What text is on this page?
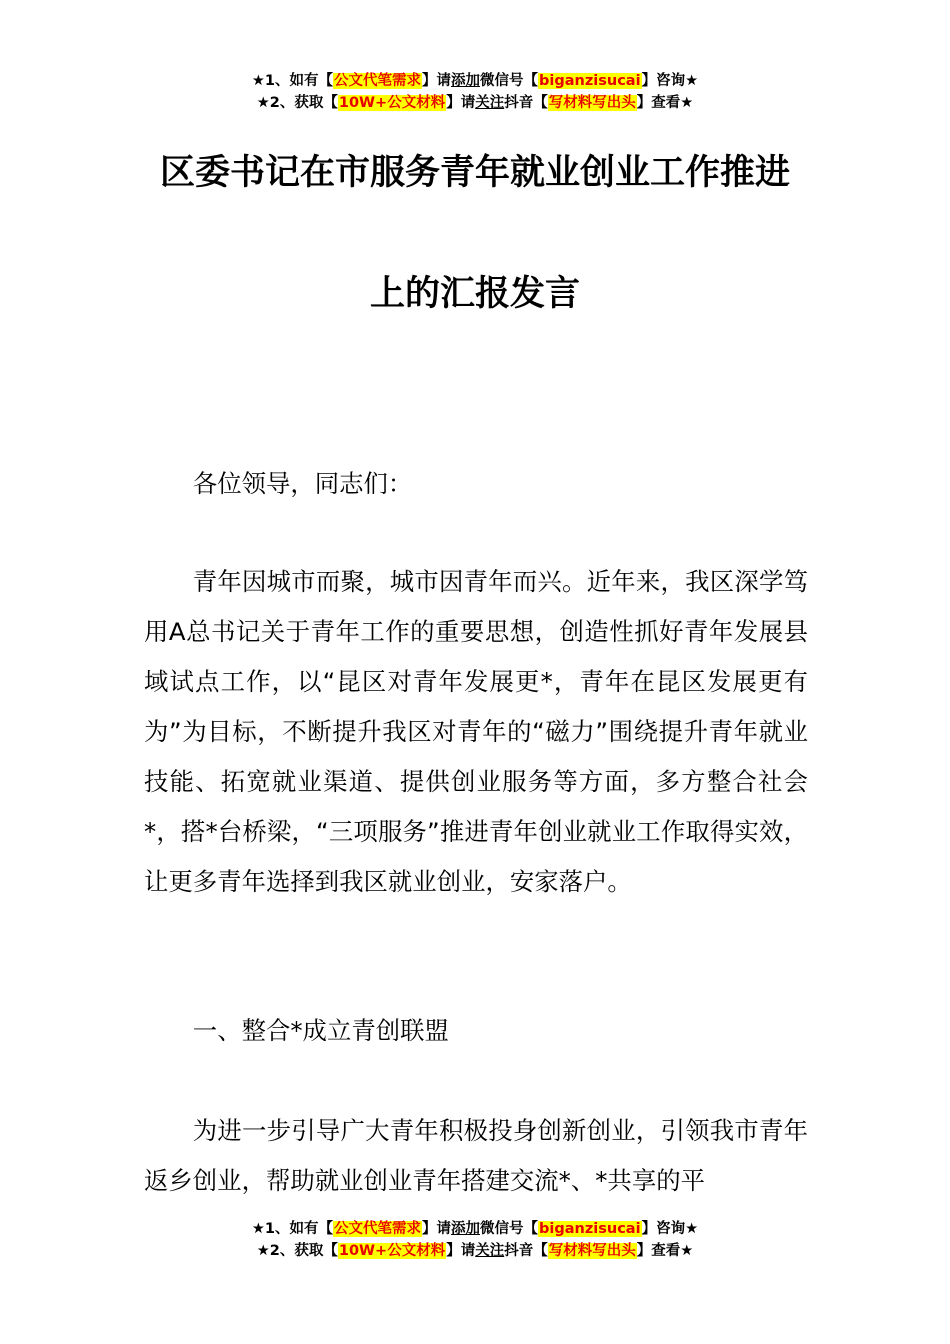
★1、如有【公文代笔需求】请添加微信号【biganzisucai】咨询★
★2、获取【10W+公文材料】请关注抖音【写材料写出头】查看★
区委书记在市服务青年就业创业工作推进
上的汇报发言

各位领导，同志们：

青年因城市而聚，城市因青年而兴。近年来，我区深学笃用A总书记关于青年工作的重要思想，创造性抓好青年发展县域试点工作，以“昆区对青年发展更*，青年在昆区发展更有为”为目标，不断提升我区对青年的“磁力”围绕提升青年就业技能、拓宽就业渠道、提供创业服务等方面，多方整合社会*，搭*台桥梁，“三项服务”推进青年创业就业工作取得实效，让更多青年选择到我区就业创业，安家落户。

一、整合*成立青创联盟

为进一步引导广大青年积极投身创新创业，引领我市青年返乡创业，帮助就业创业青年搭建交流*、*共享的平

★1、如有【公文代笔需求】请添加微信号【biganzisucai】咨询★
★2、获取【10W+公文材料】请关注抖音【写材料写出头】查看★
